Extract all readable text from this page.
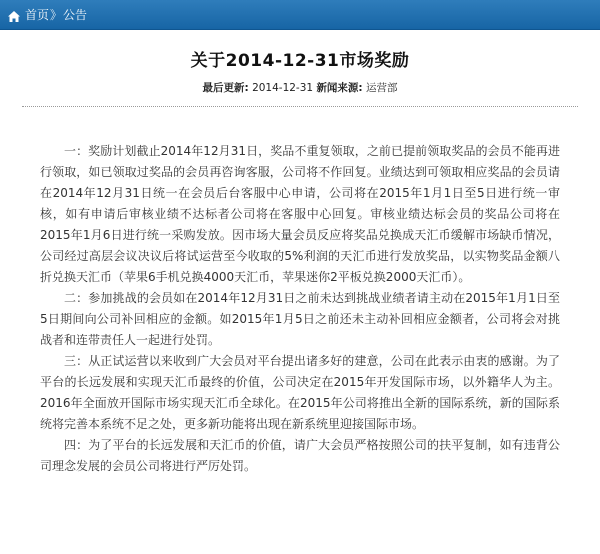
首页 》 公告
关于2014-12-31市场奖励
最后更新: 2014-12-31 新闻来源: 运营部

一：奖励计划截止2014年12月31日，奖品不重复领取，之前已提前领取奖品的会员不能再进行领取，如已领取过奖品的会员再咨询客服，公司将不作回复。业绩达到可领取相应奖品的会员请在2014年12月31日统一在会员后台客服中心申请，公司将在2015年1月1日至5日进行统一审核，如有申请后审核业绩不达标者公司将在客服中心回复。审核业绩达标会员的奖品公司将在2015年1月6日进行统一采购发放。因市场大量会员反应将奖品兑换成天汇币缓解市场缺币情况，公司经过高层会议决议后将试运营至今收取的5%利润的天汇币进行发放奖品，以实物奖品金额八折兑换天汇币（苹果6手机兑换4000天汇币，苹果迷你2平板兑换2000天汇币）。

二：参加挑战的会员如在2014年12月31日之前未达到挑战业绩者请主动在2015年1月1日至5日期间向公司补回相应的金额。如2015年1月5日之前还未主动补回相应金额者，公司将会对挑战者和连带责任人一起进行处罚。

三：从正试运营以来收到广大会员对平台提出诸多好的建意，公司在此表示由衷的感谢。为了平台的长远发展和实现天汇币最终的价值，公司决定在2015年开发国际市场，以外籍华人为主。2016年全面放开国际市场实现天汇币全球化。在2015年公司将推出全新的国际系统，新的国际系统将完善本系统不足之处，更多新功能将出现在新系统里迎接国际市场。

四：为了平台的长远发展和天汇币的价值，请广大会员严格按照公司的扶平复制，如有违背公司理念发展的会员公司将进行严厉处罚。
